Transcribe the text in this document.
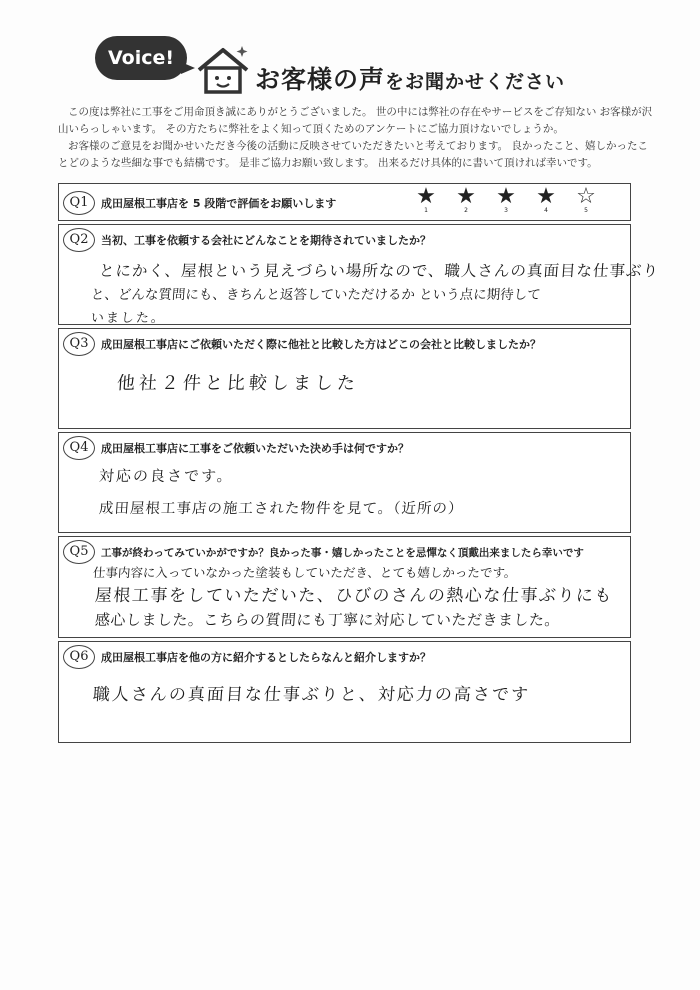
Voice!
お客様の声をお聞かせください

この度は弊社に工事をご用命頂き誠にありがとうございました。 世の中には弊社の存在やサービスをご存知ない お客様が沢山いらっしゃいます。 その方たちに弊社をよく知って頂くためのアンケートにご協力頂けないでしょうか。

お客様のご意見をお聞かせいただき今後の活動に反映させていただきたいと考えております。 良かったこと、嬉しかったことどのような些細な事でも結構です。 是非ご協力お願い致します。 出来るだけ具体的に書いて頂ければ幸いです。

Q1	成田屋根工事店を 5 段階で評価をお願いします	★
1
★
2
★
3
★
4
☆
5
Q2	当初、工事を依頼する会社にどんなことを期待されていましたか？
とにかく、屋根という見えづらい場所なので、職人さんの真面目な仕事ぶり
と、どんな質問にも、きちんと返答していただけるか という点に期待して
いました。
Q3	成田屋根工事店にご依頼いただく際に他社と比較した方はどこの会社と比較しましたか？
他社２件と比較しました
Q4	成田屋根工事店に工事をご依頼いただいた決め手は何ですか？
対応の良さです。
成田屋根工事店の施工された物件を見て。（近所の）
Q5	工事が終わってみていかがですか？良かった事・嬉しかったことを忌憚なく頂戴出来ましたら幸いです
仕事内容に入っていなかった塗装もしていただき、とても嬉しかったです。
屋根工事をしていただいた、ひびのさんの熱心な仕事ぶりにも
感心しました。こちらの質問にも丁寧に対応していただきました。
Q6	成田屋根工事店を他の方に紹介するとしたらなんと紹介しますか？
職人さんの真面目な仕事ぶりと、対応力の高さです
